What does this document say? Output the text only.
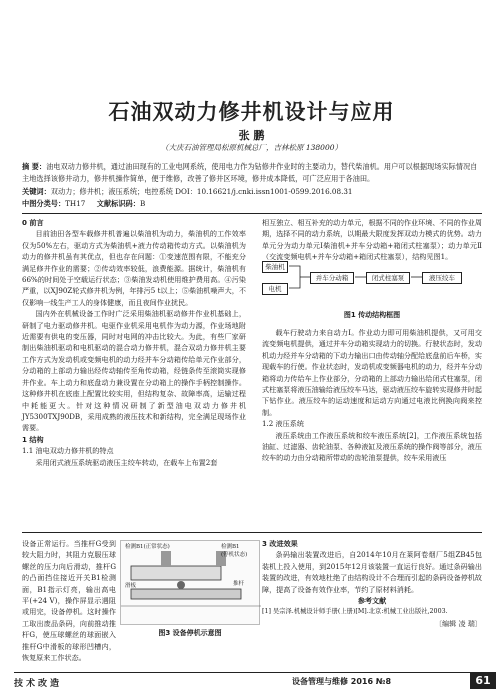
石油双动力修井机设计与应用
张 鹏
（大庆石油管理局松原机械总厂，吉林松原 138000）
摘 要：油电双动力修井机，通过油田现有的工业电网系统，使用电力作为钻修井作业时的主要动力，替代柴油机。用户可以根据现场实际情况自主地选择该修井动力，修井机操作简单，便于维修，改善了修井区环境，修井成本降低，可广泛应用于各油田。
关键词：双动力；修井机；液压系统；电控系统 DOI：10.16621/j.cnki.issn1001-0599.2016.08.31
中图分类号：TH17 文献标识码：B

0 前言

目前油田各型车载修井机普遍以柴油机为动力，柴油机的工作效率仅为50%左右，驱动方式为柴油机+液力传动箱传动方式。以柴油机为动力的修井机虽有其优点，但也存在问题：①变速范围有限，不能充分满足修井作业的需要；②传动效率较低，浪费能源。据统计，柴油机有66%的时间处于空载运行状态；③柴油发动机使用维护费用高。④污染严重，以XJ90Z轮式修井机为例，年排污5 t以上；⑤柴油机噪声大，不仅影响一线生产工人的身体健康，而且夜间作业扰民。

国内外在机械设备工作时广泛采用柴油机驱动修井作业机基础上，研制了电力驱动修井机。电驱作业机采用电机作为动力源，作业场地附近需要有供电的变压器，同时对电网的冲击比较大。为此，有些厂家研制出柴油机驱动和电机驱动的混合动力修井机，混合双动力修井机主要工作方式为发动机或变频电机的动力经并车分动箱传给单元作业部分，分动箱的上部动力输出经传动轴传至角传动箱，经链条传至滚筒实现修井作业。车上动力和底盘动力兼设置在分动箱上的操作手柄控制操作。这种修井机在底座上配置比较实用，但结构复杂、故障率高，运输过程中耗能更大。针对这种情况研制了新型油电双动力修井机JY5300TXJ90DB，采用成熟的液压技术和新结构，完全满足现场作业需要。

1 结构

1.1 油电双动力修井机的特点

采用闭式液压系统驱动液压主绞车转动，在载车上布置2套

相互独立、相互补充的动力单元，根据不同的作业环境、不同的作业周期，选择不同的动力系统，以期最大限度发挥双动力模式的优势。动力单元分为动力单元Ⅰ柴油机+并车分动箱+箱闭式柱塞泵）；动力单元Ⅱ（交流变频电机+并车分动箱+箱闭式柱塞泵），结构见图1。

柴油机
电机
并车分动箱	闭式柱塞泵	液压绞车
图1 传动结构框图

载车行驶动力来自动力Ⅰ。作业动力即可用柴油机提供，又可用交流变频电机提供，通过并车分动箱实现动力的切换。行驶状态时，发动机动力经并车分动箱的下动力输出口由传动轴分配给底盘前后车桥，实现载车的行使。作业状态时，发动机或变频器电机的动力，经并车分动箱将动力传给车上作业部分，分动箱的上部动力输出给闭式柱塞泵，闭式柱塞泵将液压油输给液压绞车马达，驱动液压绞车旋转实现修井时起下钻作业。液压绞车的运动速度和运动方向通过电液比例换向阀来控制。

1.2 液压系统

液压系统由工作液压系统和绞车液压系统[2]，工作液压系统包括油缸、过滤器、齿轮油泵、各种液缸及液压系统的操作阀等部分，液压绞车的动力由分动箱所带动的齿轮油泵提供，绞车采用液压

设备正常运行。当推杆G受到较大阻力时，其阻力克服压球螺丝的压力向后滑动，推杆G的凸面挡住接近开关B1检测面，B1指示灯亮，输出高电平(+24 V)，操作屏显示遇阻或用完，设备停机。这时操作工取出废品条码，向前推动推杆G，使压球螺丝的球面嵌入推杆G中滑板的球形凹槽内，恢复原来工作状态。

检测B1(正常状态)	检测B1
(停机状态)
滑板	推杆
图3 设备停机示意图

3 改进效果

条码输出装置改进后，自2014年10月在莱阿卷烟厂5组ZB45包装机上投入使用，到2015年12月该装置一直运行良好。通过条码输出装置的改进，有效地杜绝了由结构设计不合理而引起的条码设备停机故障，提高了设备有效作业率，节约了原材料消耗。

参考文献

[1] 吴宗泽.机械设计师手册(上册)[M].北京:机械工业出版社,2003.

〔编辑 凌 瑞〕

技术改造	设备管理与维修 2016 №8	61
